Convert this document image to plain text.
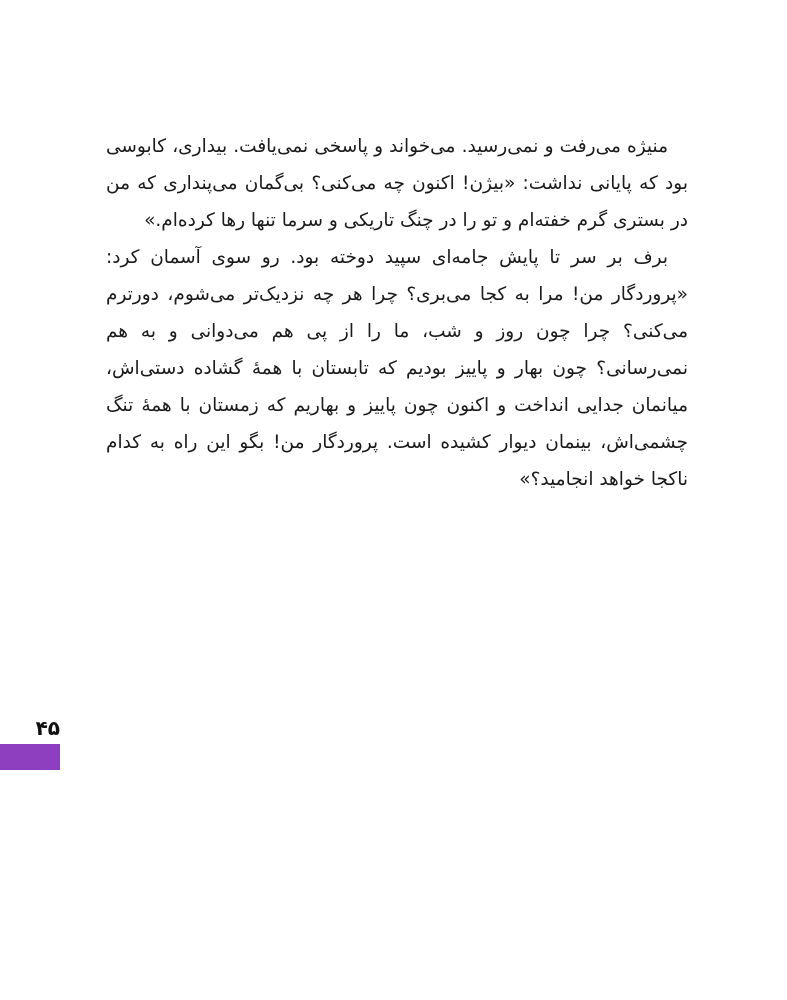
منیژه می‌رفت و نمی‌رسید. می‌خواند و پاسخی نمی‌یافت. بیداری، کابوسی بود که پایانی نداشت: «بیژن! اکنون چه می‌کنی؟ بی‌گمان می‌پنداری که من در بستری گرم خفته‌ام و تو را در چنگ تاریکی و سرما تنها رها کرده‌ام.»

برف بر سر تا پایش جامه‌ای سپید دوخته بود. رو سوی آسمان کرد: «پروردگار من! مرا به کجا می‌بری؟ چرا هر چه نزدیک‌تر می‌شوم، دورترم می‌کنی؟ چرا چون روز و شب، ما را از پی هم می‌دوانی و به هم نمی‌رسانی؟ چون بهار و پاییز بودیم که تابستان با همهٔ گشاده دستی‌اش، میانمان جدایی انداخت و اکنون چون پاییز و بهاریم که زمستان با همهٔ تنگ چشمی‌اش، بینمان دیوار کشیده است. پروردگار من! بگو این راه به کدام ناکجا خواهد انجامید؟»

۴۵
